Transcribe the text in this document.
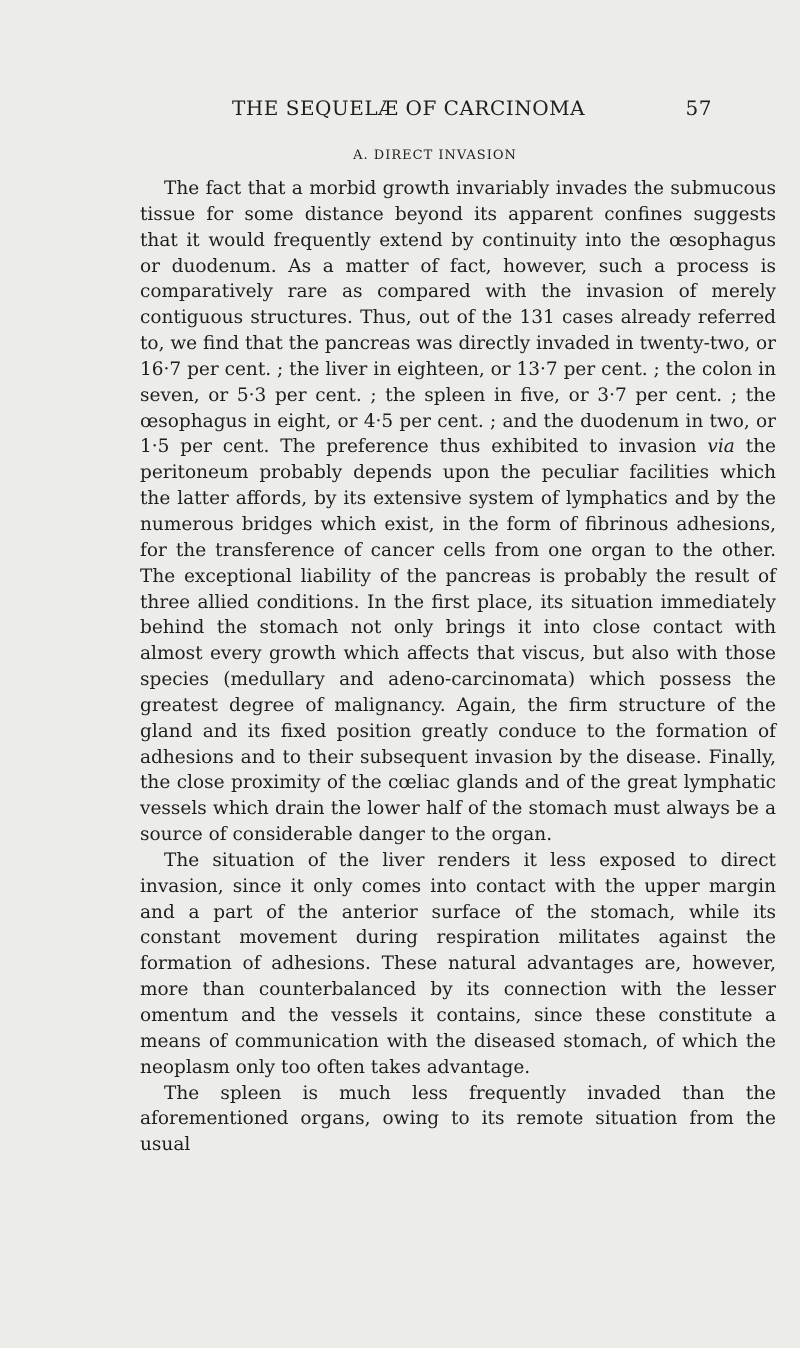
THE SEQUELÆ OF CARCINOMA	57
A. DIRECT INVASION

The fact that a morbid growth invariably invades the submucous tissue for some distance beyond its apparent confines suggests that it would frequently extend by continuity into the œsophagus or duodenum. As a matter of fact, however, such a process is comparatively rare as compared with the invasion of merely contiguous structures. Thus, out of the 131 cases already referred to, we find that the pancreas was directly invaded in twenty-two, or 16·7 per cent. ; the liver in eighteen, or 13·7 per cent. ; the colon in seven, or 5·3 per cent. ; the spleen in five, or 3·7 per cent. ; the œsophagus in eight, or 4·5 per cent. ; and the duodenum in two, or 1·5 per cent. The preference thus exhibited to invasion via the peritoneum probably depends upon the peculiar facilities which the latter affords, by its extensive system of lymphatics and by the numerous bridges which exist, in the form of fibrinous adhesions, for the transference of cancer cells from one organ to the other. The exceptional liability of the pancreas is probably the result of three allied conditions. In the first place, its situation immediately behind the stomach not only brings it into close contact with almost every growth which affects that viscus, but also with those species (medullary and adeno-carcinomata) which possess the greatest degree of malignancy. Again, the firm structure of the gland and its fixed position greatly conduce to the formation of adhesions and to their subsequent invasion by the disease. Finally, the close proximity of the cœliac glands and of the great lymphatic vessels which drain the lower half of the stomach must always be a source of considerable danger to the organ.

The situation of the liver renders it less exposed to direct invasion, since it only comes into contact with the upper margin and a part of the anterior surface of the stomach, while its constant movement during respiration militates against the formation of adhesions. These natural advantages are, however, more than counterbalanced by its connection with the lesser omentum and the vessels it contains, since these constitute a means of communication with the diseased stomach, of which the neoplasm only too often takes advantage.

The spleen is much less frequently invaded than the aforementioned organs, owing to its remote situation from the usual
